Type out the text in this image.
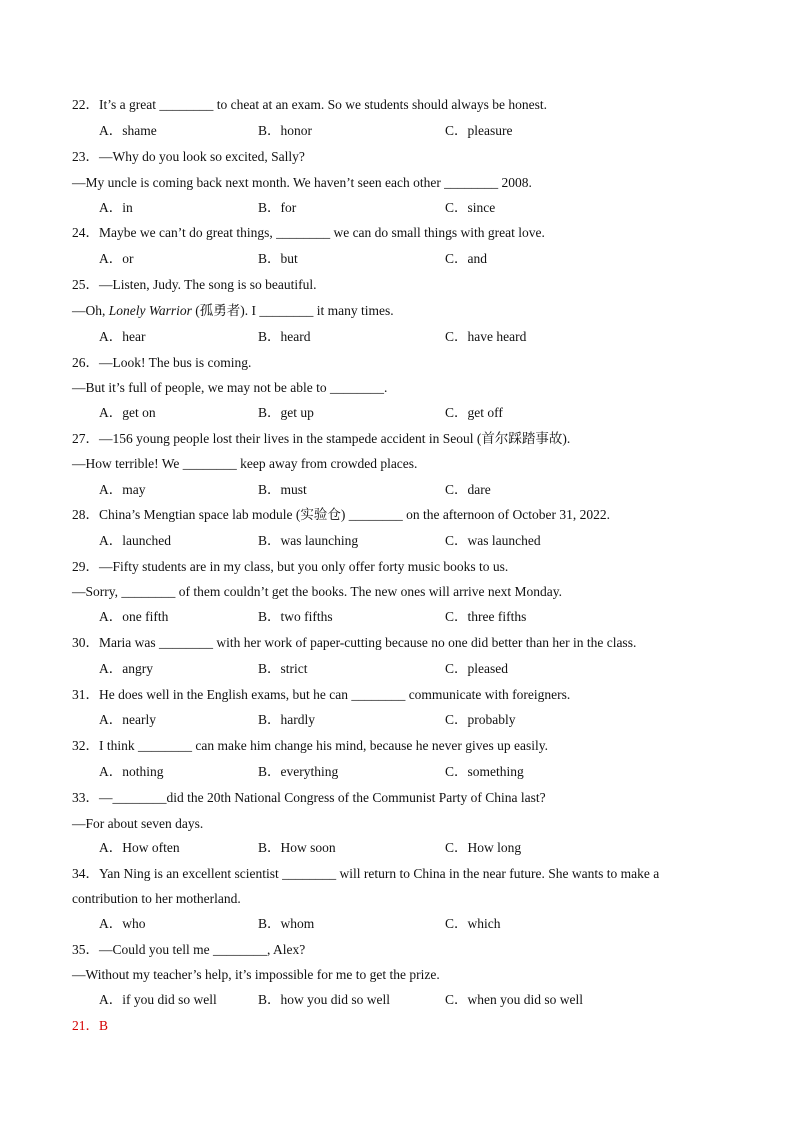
22．It’s a great ________ to cheat at an exam. So we students should always be honest.
A．shame	B．honor	C．pleasure
23．—Why do you look so excited, Sally?
—My uncle is coming back next month. We haven’t seen each other ________ 2008.
A．in	B．for	C．since
24．Maybe we can’t do great things, ________ we can do small things with great love.
A．or	B．but	C．and
25．—Listen, Judy. The song is so beautiful.
—Oh, Lonely Warrior (孤勇者). I ________ it many times.
A．hear	B．heard	C．have heard
26．—Look! The bus is coming.
—But it’s full of people, we may not be able to ________.
A．get on	B．get up	C．get off
27．—156 young people lost their lives in the stampede accident in Seoul (首尔踩踏事故).
—How terrible! We ________ keep away from crowded places.
A．may	B．must	C．dare
28．China’s Mengtian space lab module (实验仓) ________ on the afternoon of October 31, 2022.
A．launched	B．was launching	C．was launched
29．—Fifty students are in my class, but you only offer forty music books to us.
—Sorry, ________ of them couldn’t get the books. The new ones will arrive next Monday.
A．one fifth	B．two fifths	C．three fifths
30．Maria was ________ with her work of paper-cutting because no one did better than her in the class.
A．angry	B．strict	C．pleased
31．He does well in the English exams, but he can ________ communicate with foreigners.
A．nearly	B．hardly	C．probably
32．I think ________ can make him change his mind, because he never gives up easily.
A．nothing	B．everything	C．something
33．—________did the 20th National Congress of the Communist Party of China last?
—For about seven days.
A．How often	B．How soon	C．How long
34．Yan Ning is an excellent scientist ________ will return to China in the near future. She wants to make a
contribution to her motherland.
A．who	B．whom	C．which
35．—Could you tell me ________, Alex?
—Without my teacher’s help, it’s impossible for me to get the prize.
A．if you did so well	B．how you did so well	C．when you did so well
21．B
